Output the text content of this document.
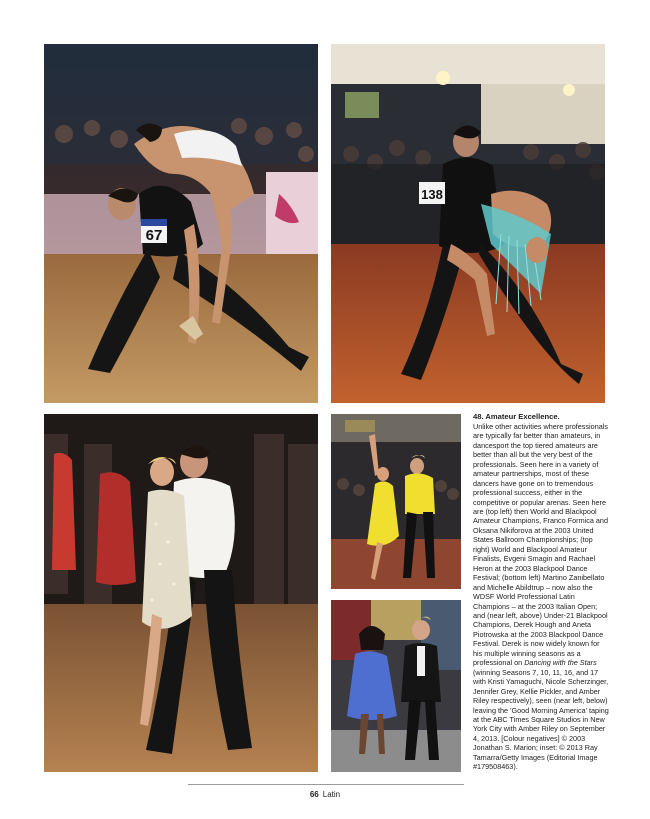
67
138
48. Amateur Excellence.
Unlike other activities where professionals are typically far better than amateurs, in dancesport the top tiered amateurs are better than all but the very best of the professionals. Seen here in a variety of amateur partnerships, most of these dancers have gone on to tremendous professional success, either in the competitive or popular arenas. Seen here are (top left) then World and Blackpool Amateur Champions, Franco Formica and Oksana Nikiforova at the 2003 United States Ballroom Championships; (top right) World and Blackpool Amateur Finalists, Evgeni Smagin and Rachael Heron at the 2003 Blackpool Dance Festival; (bottom left) Martino Zanibellato and Michelle Abildtrup – now also the WDSF World Professional Latin Champions – at the 2003 Italian Open; and (near left, above) Under-21 Blackpool Champions, Derek Hough and Aneta Piotrowska at the 2003 Blackpool Dance Festival. Derek is now widely known for his multiple winning seasons as a professional on Dancing with the Stars (winning Seasons 7, 10, 11, 16, and 17 with Kristi Yamaguchi, Nicole Scherzinger, Jennifer Grey, Kellie Pickler, and Amber Riley respectively), seen (near left, below) leaving the 'Good Morning America' taping at the ABC Times Square Studios in New York City with Amber Riley on September 4, 2013. [Colour negatives] © 2003 Jonathan S. Marion; inset: © 2013 Ray Tamarra/Getty Images (Editorial Image #179508463).
66 Latin
